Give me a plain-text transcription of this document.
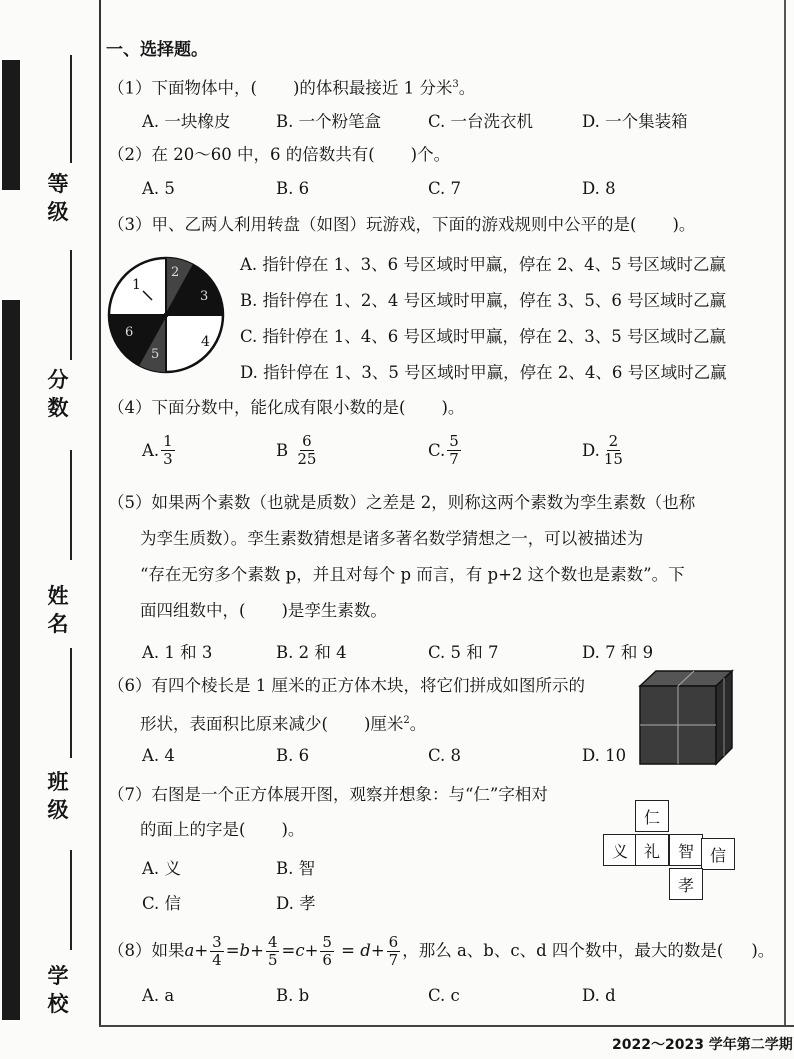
等级
分数
姓名
班级
学校
一、选择题。
（1）下面物体中，( )的体积最接近 1 分米$^3$。
A. 一块橡皮	B. 一个粉笔盒	C. 一台洗衣机	D. 一个集装箱
（2）在 20～60 中，6 的倍数共有( )个。
A. 5	B. 6	C. 7	D. 8
（3）甲、乙两人利用转盘（如图）玩游戏，下面的游戏规则中公平的是( )。
1
2
3
4
5
6
A. 指针停在 1、3、6 号区域时甲赢，停在 2、4、5 号区域时乙赢
B. 指针停在 1、2、4 号区域时甲赢，停在 3、5、6 号区域时乙赢
C. 指针停在 1、4、6 号区域时甲赢，停在 2、3、5 号区域时乙赢
D. 指针停在 1、3、5 号区域时甲赢，停在 2、4、6 号区域时乙赢
（4）下面分数中，能化成有限小数的是( )。
A. $\frac{1}{3}$	B
$\frac{6}{25}$	C. $\frac{5}{7}$	D. $\frac{2}{15}$
（5）如果两个素数（也就是质数）之差是 2，则称这两个素数为孪生素数（也称
为孪生质数）。孪生素数猜想是诸多著名数学猜想之一，可以被描述为
“存在无穷多个素数 p，并且对每个 p 而言，有 p+2 这个数也是素数”。下
面四组数中，( )是孪生素数。
A. 1 和 3	B. 2 和 4	C. 5 和 7	D. 7 和 9
（6）有四个棱长是 1 厘米的正方体木块，将它们拼成如图所示的
形状，表面积比原来减少( )厘米$^2$。
A. 4	B. 6	C. 8	D. 10
（7）右图是一个正方体展开图，观察并想象：与“仁”字相对
的面上的字是( )。
A. 义	B. 智
C. 信	D. 孝
仁
义 礼	智 信
孝
（8）如果 $a + \frac{3}{4} = b + \frac{4}{5} = c + \frac{5}{6} = d + \frac{6}{7}$ ，那么 a、b、c、d 四个数中，最大的数是( )。
A. a	B. b	C. c	D. d
2022～2023 学年第二学期
